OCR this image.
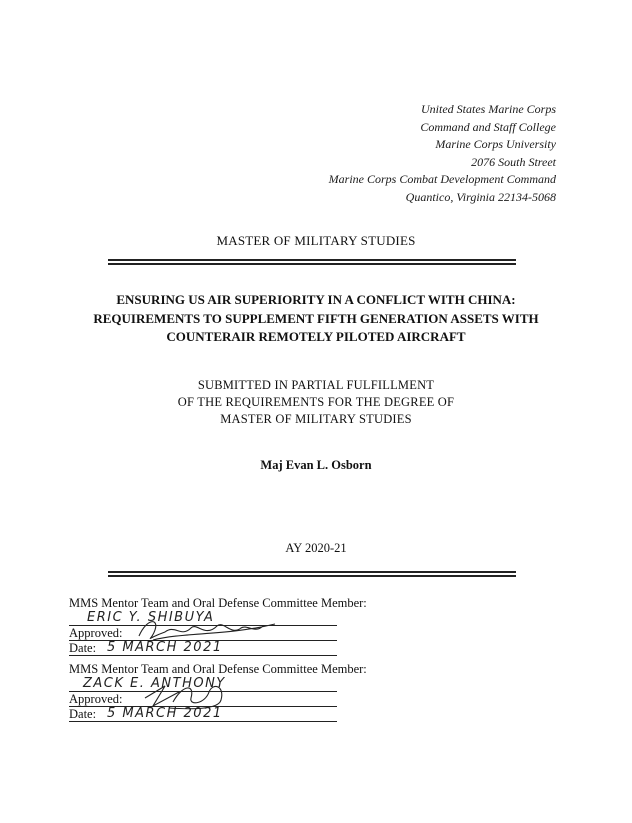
United States Marine Corps
Command and Staff College
Marine Corps University
2076 South Street
Marine Corps Combat Development Command
Quantico, Virginia 22134-5068
MASTER OF MILITARY STUDIES
ENSURING US AIR SUPERIORITY IN A CONFLICT WITH CHINA:
REQUIREMENTS TO SUPPLEMENT FIFTH GENERATION ASSETS WITH
COUNTERAIR REMOTELY PILOTED AIRCRAFT
SUBMITTED IN PARTIAL FULFILLMENT
OF THE REQUIREMENTS FOR THE DEGREE OF
MASTER OF MILITARY STUDIES
Maj Evan L. Osborn
AY 2020-21
MMS Mentor Team and Oral Defense Committee Member:
ERIC Y. SHIBUYA
Approved:
Date: 5 MARCH 2021
MMS Mentor Team and Oral Defense Committee Member:
ZACK E. ANTHONY
Approved:
Date: 5 MARCH 2021
